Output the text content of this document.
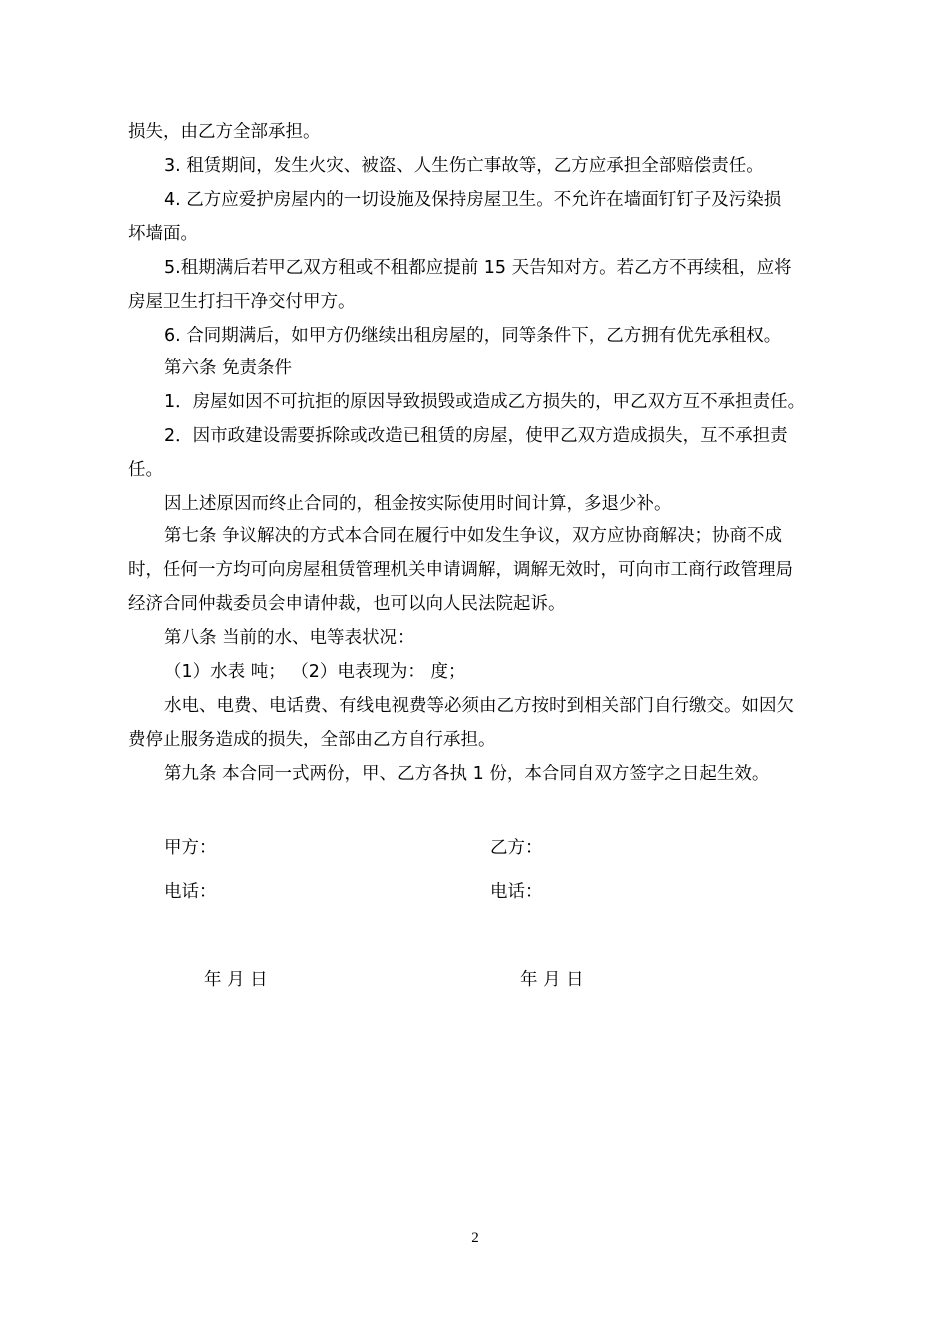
损失，由乙方全部承担。
3. 租赁期间，发生火灾、被盗、人生伤亡事故等，乙方应承担全部赔偿责任。
4. 乙方应爱护房屋内的一切设施及保持房屋卫生。不允许在墙面钉钉子及污染损
坏墙面。
5.租期满后若甲乙双方租或不租都应提前 15 天告知对方。若乙方不再续租，应将
房屋卫生打扫干净交付甲方。
6. 合同期满后，如甲方仍继续出租房屋的，同等条件下，乙方拥有优先承租权。
第六条 免责条件
1．房屋如因不可抗拒的原因导致损毁或造成乙方损失的，甲乙双方互不承担责任。
2．因市政建设需要拆除或改造已租赁的房屋，使甲乙双方造成损失，互不承担责
任。
因上述原因而终止合同的，租金按实际使用时间计算，多退少补。
第七条 争议解决的方式本合同在履行中如发生争议，双方应协商解决；协商不成
时，任何一方均可向房屋租赁管理机关申请调解，调解无效时，可向市工商行政管理局
经济合同仲裁委员会申请仲裁，也可以向人民法院起诉。
第八条 当前的水、电等表状况：
（1）水表 吨； （2）电表现为： 度；
水电、电费、电话费、有线电视费等必须由乙方按时到相关部门自行缴交。如因欠
费停止服务造成的损失，全部由乙方自行承担。
第九条 本合同一式两份，甲、乙方各执 1 份，本合同自双方签字之日起生效。
甲方：	乙方：
电话：	电话：
年 月 日	年 月 日
2
